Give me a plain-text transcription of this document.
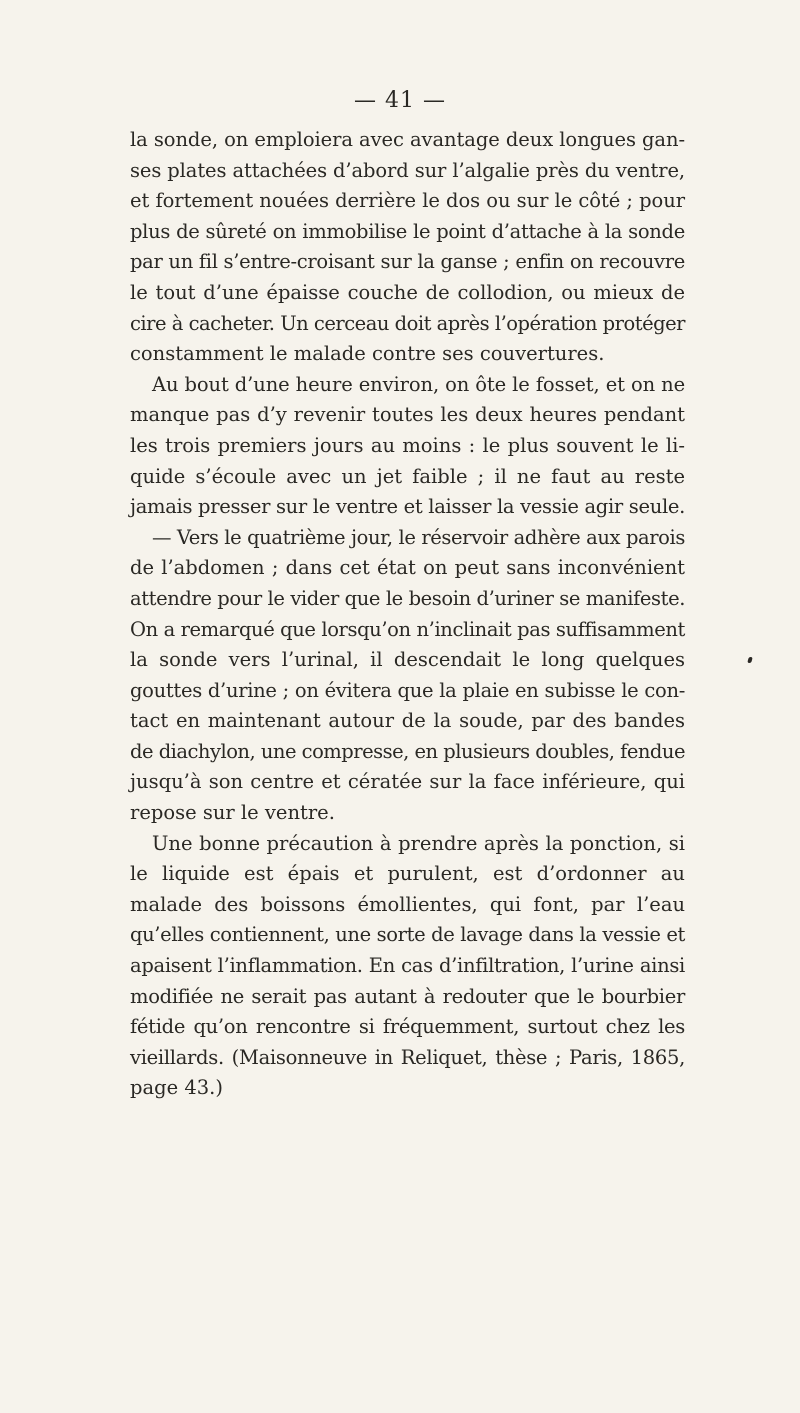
— 41 —
la sonde, on emploiera avec avantage deux longues gan-
ses plates attachées d’abord sur l’algalie près du ventre,
et fortement nouées derrière le dos ou sur le côté ; pour
plus de sûreté on immobilise le point d’attache à la sonde
par un fil s’entre-croisant sur la ganse ; enfin on recouvre
le tout d’une épaisse couche de collodion, ou mieux de
cire à cacheter. Un cerceau doit après l’opération protéger
constamment le malade contre ses couvertures.
Au bout d’une heure environ, on ôte le fosset, et on ne
manque pas d’y revenir toutes les deux heures pendant
les trois premiers jours au moins : le plus souvent le li-
quide s’écoule avec un jet faible ; il ne faut au reste
jamais presser sur le ventre et laisser la vessie agir seule.
— Vers le quatrième jour, le réservoir adhère aux parois
de l’abdomen ; dans cet état on peut sans inconvénient
attendre pour le vider que le besoin d’uriner se manifeste.
On a remarqué que lorsqu’on n’inclinait pas suffisamment
la sonde vers l’urinal, il descendait le long quelques
gouttes d’urine ; on évitera que la plaie en subisse le con-
tact en maintenant autour de la soude, par des bandes
de diachylon, une compresse, en plusieurs doubles, fendue
jusqu’à son centre et cératée sur la face inférieure, qui
repose sur le ventre.
Une bonne précaution à prendre après la ponction, si
le liquide est épais et purulent, est d’ordonner au
malade des boissons émollientes, qui font, par l’eau
qu’elles contiennent, une sorte de lavage dans la vessie et
apaisent l’inflammation. En cas d’infiltration, l’urine ainsi
modifiée ne serait pas autant à redouter que le bourbier
fétide qu’on rencontre si fréquemment, surtout chez les
vieillards. (Maisonneuve in Reliquet, thèse ; Paris, 1865,
page 43.)
